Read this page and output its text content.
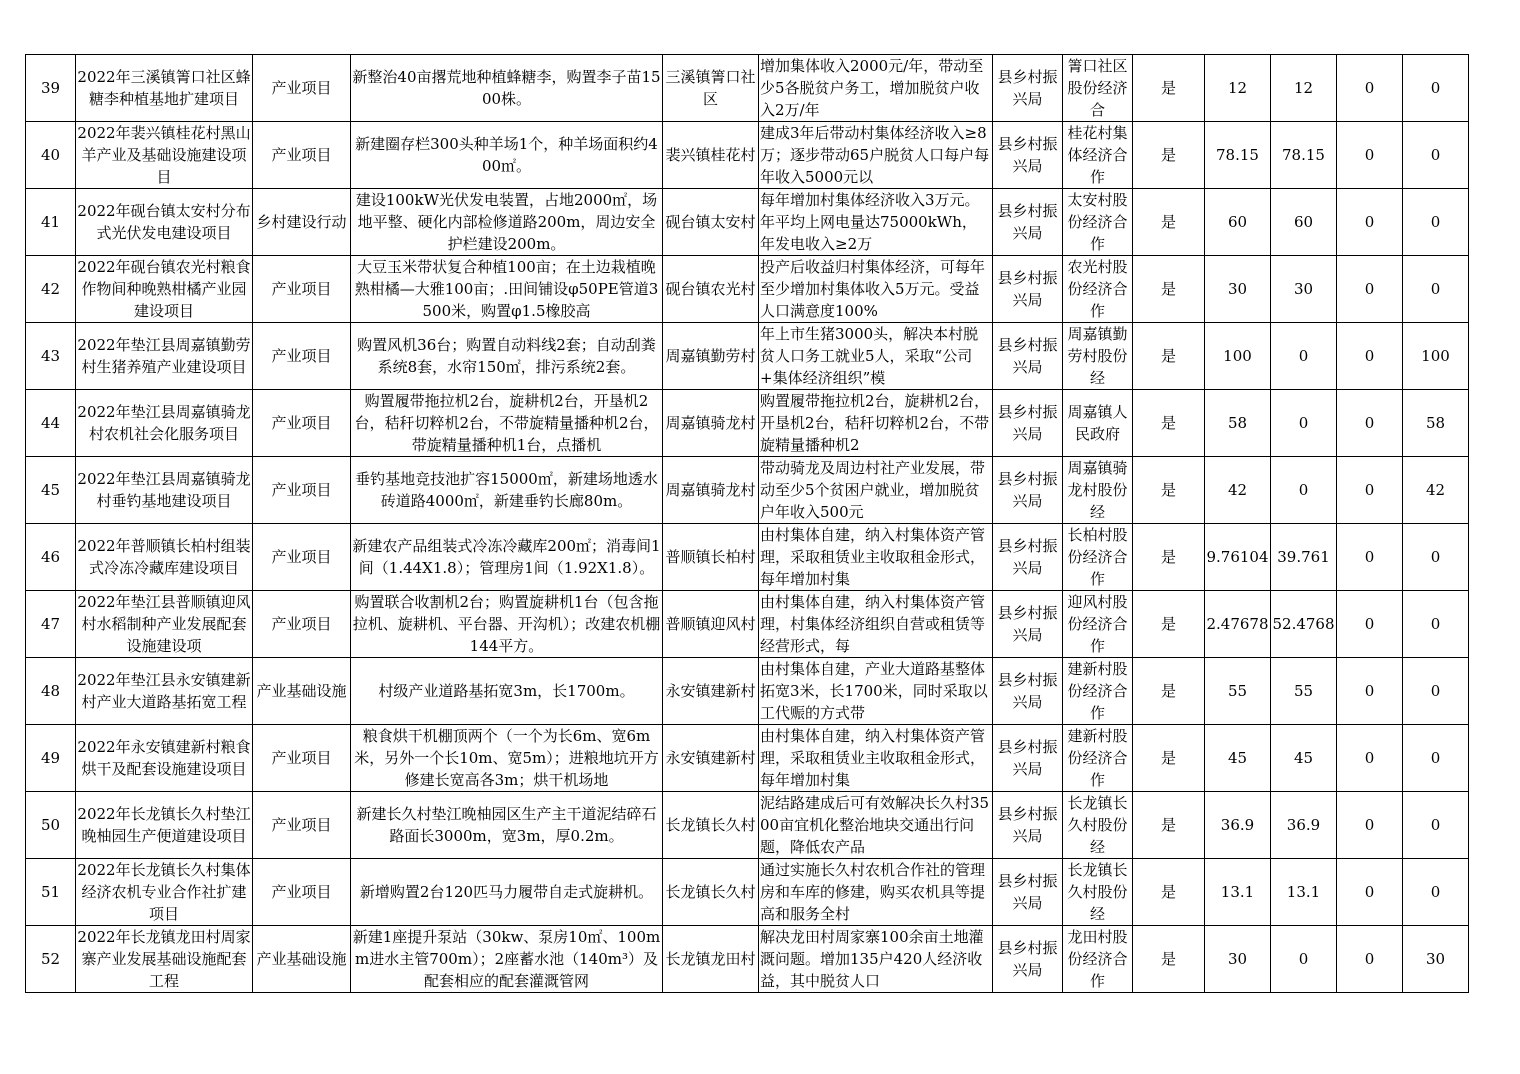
39	2022年三溪镇箐口社区蜂糖李种植基地扩建项目	产业项目	新整治40亩撂荒地种植蜂糖李，购置李子苗1500株。	三溪镇箐口社区	增加集体收入2000元/年，带动至少5各脱贫户务工，增加脱贫户收入2万/年	县乡村振兴局	箐口社区股份经济合	是	12	12	0	0

40	2022年裴兴镇桂花村黑山羊产业及基础设施建设项目	产业项目	新建圈存栏300头种羊场1个，种羊场面积约400㎡。	裴兴镇桂花村	建成3年后带动村集体经济收入≥8万；逐步带动65户脱贫人口每户每年收入5000元以	县乡村振兴局	桂花村集体经济合作	是	78.15	78.15	0	0

41	2022年砚台镇太安村分布式光伏发电建设项目	乡村建设行动	建设100kW光伏发电装置，占地2000㎡，场地平整、硬化内部检修道路200m，周边安全护栏建设200m。	砚台镇太安村	每年增加村集体经济收入3万元。年平均上网电量达75000kWh，年发电收入≥2万	县乡村振兴局	太安村股份经济合作	是	60	60	0	0

42	2022年砚台镇农光村粮食作物间种晚熟柑橘产业园建设项目	产业项目	大豆玉米带状复合种植100亩；在土边栽植晚熟柑橘—大雅100亩；.田间铺设φ50PE管道3500米，购置φ1.5橡胶高	砚台镇农光村	投产后收益归村集体经济，可每年至少增加村集体收入5万元。受益人口满意度100%	县乡村振兴局	农光村股份经济合作	是	30	30	0	0

43	2022年垫江县周嘉镇勤劳村生猪养殖产业建设项目	产业项目	购置风机36台；购置自动料线2套；自动刮粪系统8套，水帘150㎡，排污系统2套。	周嘉镇勤劳村	年上市生猪3000头，解决本村脱贫人口务工就业5人，采取“公司+集体经济组织”模	县乡村振兴局	周嘉镇勤劳村股份经	是	100	0	0	100

44	2022年垫江县周嘉镇骑龙村农机社会化服务项目	产业项目	购置履带拖拉机2台，旋耕机2台，开垦机2台，秸秆切粹机2台，不带旋精量播种机2台，带旋精量播种机1台，点播机	周嘉镇骑龙村	购置履带拖拉机2台，旋耕机2台，开垦机2台，秸秆切粹机2台，不带旋精量播种机2	县乡村振兴局	周嘉镇人民政府	是	58	0	0	58

45	2022年垫江县周嘉镇骑龙村垂钓基地建设项目	产业项目	垂钓基地竞技池扩容15000㎡，新建场地透水砖道路4000㎡，新建垂钓长廊80m。	周嘉镇骑龙村	带动骑龙及周边村社产业发展，带动至少5个贫困户就业，增加脱贫户年收入500元	县乡村振兴局	周嘉镇骑龙村股份经	是	42	0	0	42

46	2022年普顺镇长柏村组装式冷冻冷藏库建设项目	产业项目	新建农产品组装式冷冻冷藏库200㎡；消毒间1间（1.44X1.8）；管理房1间（1.92X1.8）。	普顺镇长柏村	由村集体自建，纳入村集体资产管理，采取租赁业主收取租金形式，每年增加村集	县乡村振兴局	长柏村股份经济合作	是	9.76104	39.761	0	0

47	2022年垫江县普顺镇迎风村水稻制种产业发展配套设施建设项	产业项目	购置联合收割机2台；购置旋耕机1台（包含拖拉机、旋耕机、平台器、开沟机）；改建农机棚144平方。	普顺镇迎风村	由村集体自建，纳入村集体资产管理，村集体经济组织自营或租赁等经营形式，每	县乡村振兴局	迎风村股份经济合作	是	2.47678	52.4768	0	0

48	2022年垫江县永安镇建新村产业大道路基拓宽工程	产业基础设施	村级产业道路基拓宽3m，长1700m。	永安镇建新村	由村集体自建，产业大道路基整体拓宽3米，长1700米，同时采取以工代赈的方式带	县乡村振兴局	建新村股份经济合作	是	55	55	0	0

49	2022年永安镇建新村粮食烘干及配套设施建设项目	产业项目	粮食烘干机棚顶两个（一个为长6m、宽6m米，另外一个长10m、宽5m）；进粮地坑开方修建长宽高各3m；烘干机场地	永安镇建新村	由村集体自建，纳入村集体资产管理，采取租赁业主收取租金形式，每年增加村集	县乡村振兴局	建新村股份经济合作	是	45	45	0	0

50	2022年长龙镇长久村垫江晚柚园生产便道建设项目	产业项目	新建长久村垫江晚柚园区生产主干道泥结碎石路面长3000m，宽3m，厚0.2m。	长龙镇长久村	泥结路建成后可有效解决长久村3500亩宜机化整治地块交通出行问题，降低农产品	县乡村振兴局	长龙镇长久村股份经	是	36.9	36.9	0	0

51	2022年长龙镇长久村集体经济农机专业合作社扩建项目	产业项目	新增购置2台120匹马力履带自走式旋耕机。	长龙镇长久村	通过实施长久村农机合作社的管理房和车库的修建，购买农机具等提高和服务全村	县乡村振兴局	长龙镇长久村股份经	是	13.1	13.1	0	0

52	2022年长龙镇龙田村周家寨产业发展基础设施配套工程	产业基础设施	新建1座提升泵站（30kw、泵房10㎡、100mm进水主管700m）；2座蓄水池（140m³）及配套相应的配套灌溉管网	长龙镇龙田村	解决龙田村周家寨100余亩土地灌溉问题。增加135户420人经济收益，其中脱贫人口	县乡村振兴局	龙田村股份经济合作	是	30	0	0	30
